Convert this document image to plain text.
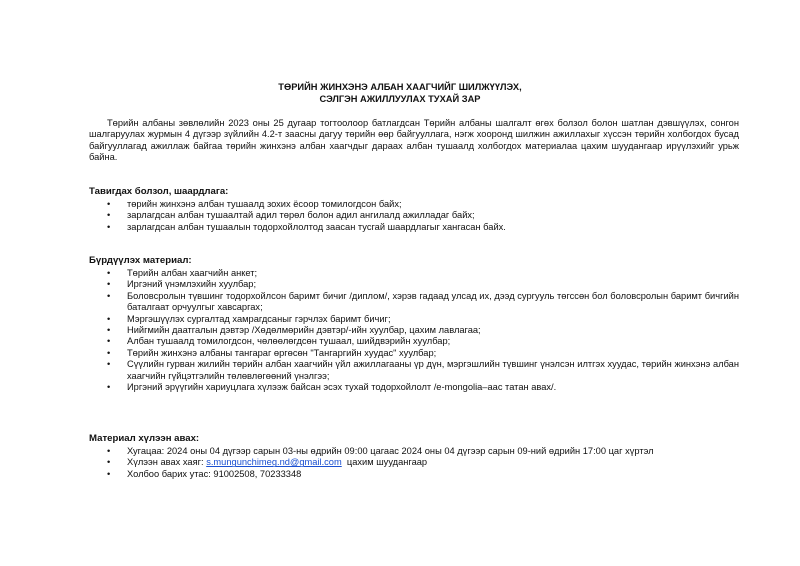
ТӨРИЙН ЖИНХЭНЭ АЛБАН ХААГЧИЙГ ШИЛЖҮҮЛЭХ,
СЭЛГЭН АЖИЛЛУУЛАХ ТУХАЙ ЗАР

Төрийн албаны зөвлөлийн 2023 оны 25 дугаар тогтоолоор батлагдсан Төрийн албаны шалгалт өгөх болзол болон шатлан дэвшүүлэх, сонгон шалгаруулах журмын 4 дүгээр зүйлийн 4.2-т заасны дагуу төрийн өөр байгууллага, нэгж хооронд шилжин ажиллахыг хүссэн төрийн холбогдох бусад байгууллагад ажиллаж байгаа төрийн жинхэнэ албан хаагчдыг дараах албан тушаалд холбогдох материалаа цахим шуудангаар ирүүлэхийг урьж байна.

Тавигдах болзол, шаардлага:
• төрийн жинхэнэ албан тушаалд зохих ёсоор томилогдсон байх;
• зарлагдсан албан тушаалтай адил төрөл болон адил ангилалд ажилладаг байх;
• зарлагдсан албан тушаалын тодорхойлолтод заасан тусгай шаардлагыг хангасан байх.
Бүрдүүлэх материал:
• Төрийн албан хаагчийн анкет;
• Иргэний үнэмлэхийн хуулбар;
• Боловсролын түвшинг тодорхойлсон баримт бичиг /диплом/, хэрэв гадаад улсад их, дээд сургууль төгссөн бол боловсролын баримт бичгийн баталгаат орчуулгыг хавсаргах;
• Мэргэшүүлэх сургалтад хамрагдсаныг гэрчлэх баримт бичиг;
• Нийгмийн даатгалын дэвтэр /Хөдөлмөрийн дэвтэр/-ийн хуулбар, цахим лавлагаа;
• Албан тушаалд томилогдсон, чөлөөлөгдсөн тушаал, шийдвэрийн хуулбар;
• Төрийн жинхэнэ албаны тангараг өргөсөн "Тангаргийн хуудас" хуулбар;
• Сүүлийн гурван жилийн төрийн албан хаагчийн үйл ажиллагааны үр дүн, мэргэшлийн түвшинг үнэлсэн илтгэх хуудас, төрийн жинхэнэ албан хаагчийн гүйцэтгэлийн төлөвлөгөөний үнэлгээ;
• Иргэний эрүүгийн хариуцлага хүлээж байсан эсэх тухай тодорхойлолт /e-mongolia–аас татан авах/.
Материал хүлээн авах:
• Хугацаа: 2024 оны 04 дүгээр сарын 03-ны өдрийн 09:00 цагаас 2024 оны 04 дүгээр сарын 09-ний өдрийн 17:00 цаг хүртэл
• Хүлээн авах хаяг: s.mungunchimeg.nd@gmail.com  цахим шуудангаар
• Холбоо барих утас: 91002508, 70233348
